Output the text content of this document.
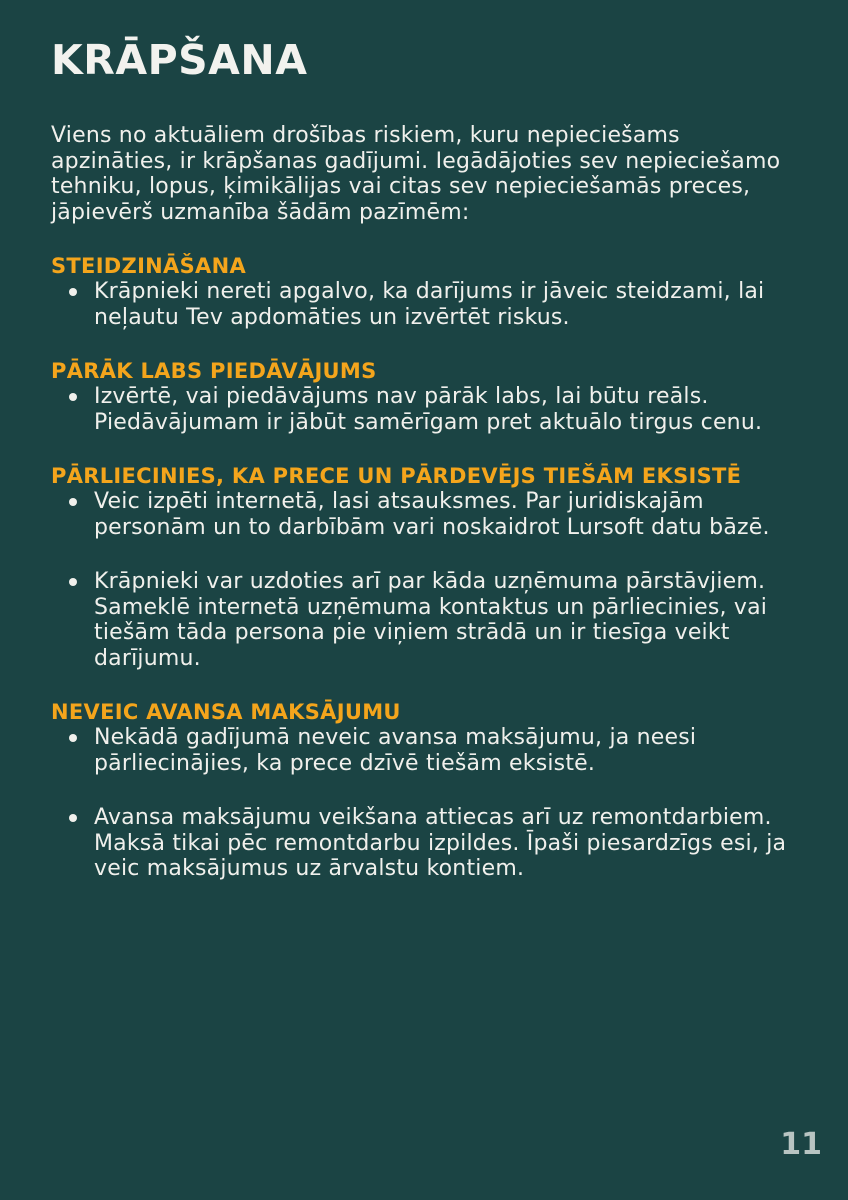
KRĀPŠANA

Viens no aktuāliem drošības riskiem, kuru nepieciešams apzināties, ir krāpšanas gadījumi. Iegādājoties sev nepieciešamo tehniku, lopus, ķimikālijas vai citas sev nepieciešamās preces, jāpievērš uzmanība šādām pazīmēm:

STEIDZINĀŠANA
Krāpnieki nereti apgalvo, ka darījums ir jāveic steidzami, lai neļautu Tev apdomāties un izvērtēt riskus.
PĀRĀK LABS PIEDĀVĀJUMS
Izvērtē, vai piedāvājums nav pārāk labs, lai būtu reāls. Piedāvājumam ir jābūt samērīgam pret aktuālo tirgus cenu.
PĀRLIECINIES, KA PRECE UN PĀRDEVĒJS TIEŠĀM EKSISTĒ
Veic izpēti internetā, lasi atsauksmes. Par juridiskajām personām un to darbībām vari noskaidrot Lursoft datu bāzē.
Krāpnieki var uzdoties arī par kāda uzņēmuma pārstāvjiem. Sameklē internetā uzņēmuma kontaktus un pārliecinies, vai tiešām tāda persona pie viņiem strādā un ir tiesīga veikt darījumu.
NEVEIC AVANSA MAKSĀJUMU
Nekādā gadījumā neveic avansa maksājumu, ja neesi pārliecinājies, ka prece dzīvē tiešām eksistē.
Avansa maksājumu veikšana attiecas arī uz remontdarbiem. Maksā tikai pēc remontdarbu izpildes. Īpaši piesardzīgs esi, ja veic maksājumus uz ārvalstu kontiem.
11
